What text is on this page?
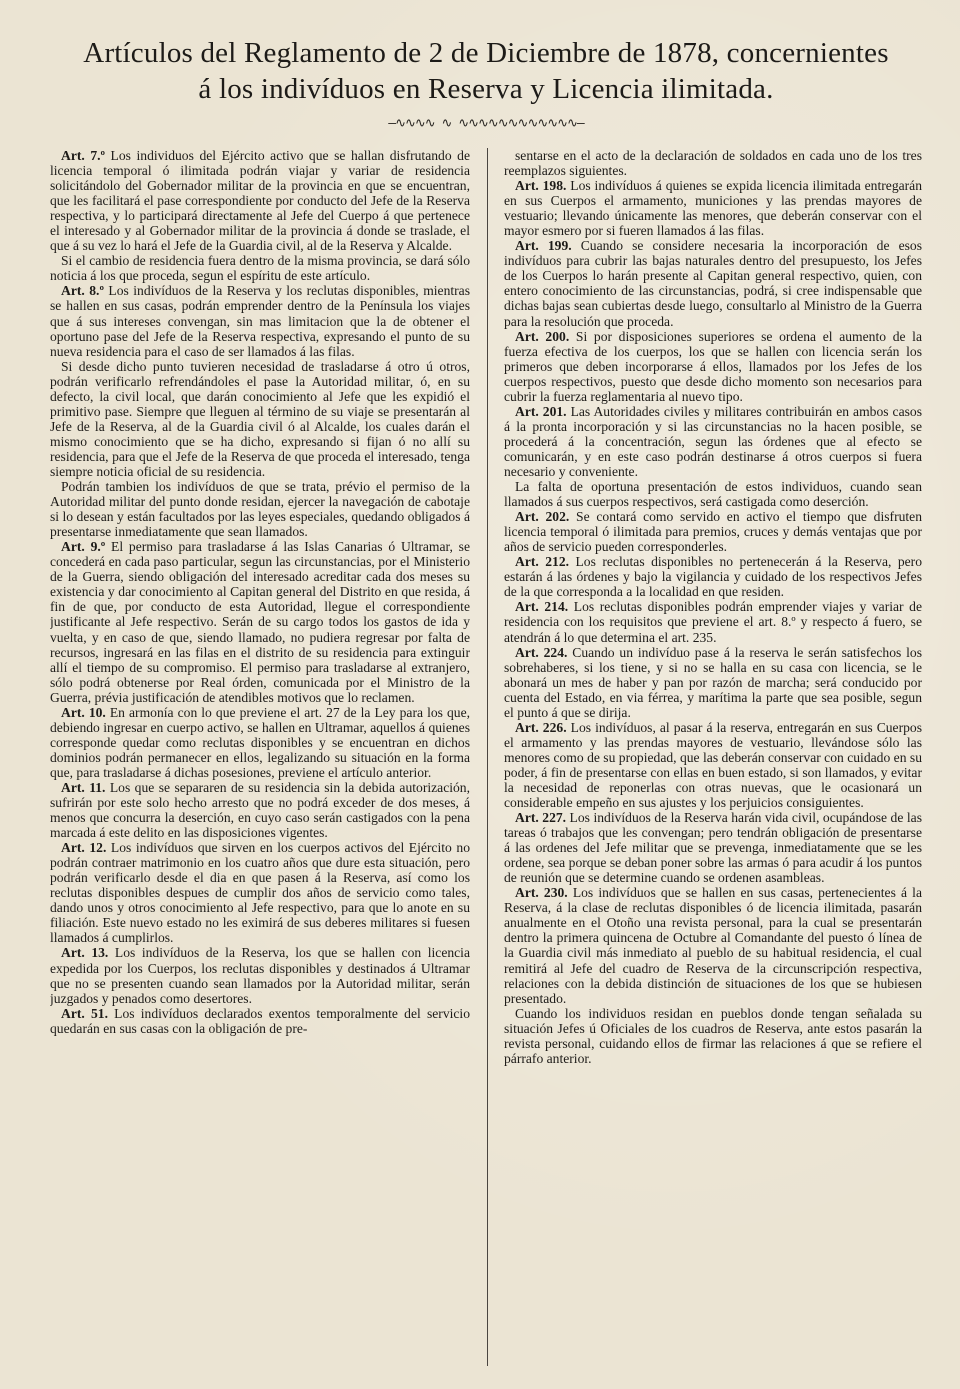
Artículos del Reglamento de 2 de Diciembre de 1878, concernientes
á los indivíduos en Reserva y Licencia ilimitada.
—∿∿∿∿ ∿ ∿∿∿∿∿∿∿∿∿∿∿∿—

Art. 7.º Los individuos del Ejército activo que se hallan disfrutando de licencia temporal ó ilimitada podrán viajar y variar de residencia solicitándolo del Gobernador militar de la provincia en que se encuentran, que les facilitará el pase correspondiente por conducto del Jefe de la Reserva respectiva, y lo participará directamente al Jefe del Cuerpo á que pertenece el interesado y al Gobernador militar de la provincia á donde se traslade, el que á su vez lo hará el Jefe de la Guardia civil, al de la Reserva y Alcalde.

Si el cambio de residencia fuera dentro de la misma provincia, se dará sólo noticia á los que proceda, segun el espíritu de este artículo.

Art. 8.º Los indivíduos de la Reserva y los reclutas disponibles, mientras se hallen en sus casas, podrán emprender dentro de la Península los viajes que á sus intereses convengan, sin mas limitacion que la de obtener el oportuno pase del Jefe de la Reserva respectiva, expresando el punto de su nueva residencia para el caso de ser llamados á las filas.

Si desde dicho punto tuvieren necesidad de trasladarse á otro ú otros, podrán verificarlo refrendándoles el pase la Autoridad militar, ó, en su defecto, la civil local, que darán conocimiento al Jefe que les expidió el primitivo pase. Siempre que lleguen al término de su viaje se presentarán al Jefe de la Reserva, al de la Guardia civil ó al Alcalde, los cuales darán el mismo conocimiento que se ha dicho, expresando si fijan ó no allí su residencia, para que el Jefe de la Reserva de que proceda el interesado, tenga siempre noticia oficial de su residencia.

Podrán tambien los indivíduos de que se trata, prévio el permiso de la Autoridad militar del punto donde residan, ejercer la navegación de cabotaje si lo desean y están facultados por las leyes especiales, quedando obligados á presentarse inmediatamente que sean llamados.

Art. 9.º El permiso para trasladarse á las Islas Canarias ó Ultramar, se concederá en cada paso particular, segun las circunstancias, por el Ministerio de la Guerra, siendo obligación del interesado acreditar cada dos meses su existencia y dar conocimiento al Capitan general del Distrito en que resida, á fin de que, por conducto de esta Autoridad, llegue el correspondiente justificante al Jefe respectivo. Serán de su cargo todos los gastos de ida y vuelta, y en caso de que, siendo llamado, no pudiera regresar por falta de recursos, ingresará en las filas en el distrito de su residencia para extinguir allí el tiempo de su compromiso. El permiso para trasladarse al extranjero, sólo podrá obtenerse por Real órden, comunicada por el Ministro de la Guerra, prévia justificación de atendibles motivos que lo reclamen.

Art. 10. En armonía con lo que previene el art. 27 de la Ley para los que, debiendo ingresar en cuerpo activo, se hallen en Ultramar, aquellos á quienes corresponde quedar como reclutas disponibles y se encuentran en dichos dominios podrán permanecer en ellos, legalizando su situación en la forma que, para trasladarse á dichas posesiones, previene el artículo anterior.

Art. 11. Los que se separaren de su residencia sin la debida autorización, sufrirán por este solo hecho arresto que no podrá exceder de dos meses, á menos que concurra la deserción, en cuyo caso serán castigados con la pena marcada á este delito en las disposiciones vigentes.

Art. 12. Los indivíduos que sirven en los cuerpos activos del Ejército no podrán contraer matrimonio en los cuatro años que dure esta situación, pero podrán verificarlo desde el dia en que pasen á la Reserva, así como los reclutas disponibles despues de cumplir dos años de servicio como tales, dando unos y otros conocimiento al Jefe respectivo, para que lo anote en su filiación. Este nuevo estado no les eximirá de sus deberes militares si fuesen llamados á cumplirlos.

Art. 13. Los indivíduos de la Reserva, los que se hallen con licencia expedida por los Cuerpos, los reclutas disponibles y destinados á Ultramar que no se presenten cuando sean llamados por la Autoridad militar, serán juzgados y penados como desertores.

Art. 51. Los indivíduos declarados exentos temporalmente del servicio quedarán en sus casas con la obligación de pre-

sentarse en el acto de la declaración de soldados en cada uno de los tres reemplazos siguientes.

Art. 198. Los indivíduos á quienes se expida licencia ilimitada entregarán en sus Cuerpos el armamento, municiones y las prendas mayores de vestuario; llevando únicamente las menores, que deberán conservar con el mayor esmero por si fueren llamados á las filas.

Art. 199. Cuando se considere necesaria la incorporación de esos indivíduos para cubrir las bajas naturales dentro del presupuesto, los Jefes de los Cuerpos lo harán presente al Capitan general respectivo, quien, con entero conocimiento de las circunstancias, podrá, si cree indispensable que dichas bajas sean cubiertas desde luego, consultarlo al Ministro de la Guerra para la resolución que proceda.

Art. 200. Si por disposiciones superiores se ordena el aumento de la fuerza efectiva de los cuerpos, los que se hallen con licencia serán los primeros que deben incorporarse á ellos, llamados por los Jefes de los cuerpos respectivos, puesto que desde dicho momento son necesarios para cubrir la fuerza reglamentaria al nuevo tipo.

Art. 201. Las Autoridades civiles y militares contribuirán en ambos casos á la pronta incorporación y si las circunstancias no la hacen posible, se procederá á la concentración, segun las órdenes que al efecto se comunicarán, y en este caso podrán destinarse á otros cuerpos si fuera necesario y conveniente.

La falta de oportuna presentación de estos individuos, cuando sean llamados á sus cuerpos respectivos, será castigada como deserción.

Art. 202. Se contará como servido en activo el tiempo que disfruten licencia temporal ó ilimitada para premios, cruces y demás ventajas que por años de servicio pueden corresponderles.

Art. 212. Los reclutas disponibles no pertenecerán á la Reserva, pero estarán á las órdenes y bajo la vigilancia y cuidado de los respectivos Jefes de la que corresponda a la localidad en que residen.

Art. 214. Los reclutas disponibles podrán emprender viajes y variar de residencia con los requisitos que previene el art. 8.º y respecto á fuero, se atendrán á lo que determina el art. 235.

Art. 224. Cuando un indivíduo pase á la reserva le serán satisfechos los sobrehaberes, si los tiene, y si no se halla en su casa con licencia, se le abonará un mes de haber y pan por razón de marcha; será conducido por cuenta del Estado, en via férrea, y marítima la parte que sea posible, segun el punto á que se dirija.

Art. 226. Los indivíduos, al pasar á la reserva, entregarán en sus Cuerpos el armamento y las prendas mayores de vestuario, llevándose sólo las menores como de su propiedad, que las deberán conservar con cuidado en su poder, á fin de presentarse con ellas en buen estado, si son llamados, y evitar la necesidad de reponerlas con otras nuevas, que le ocasionará un considerable empeño en sus ajustes y los perjuicios consiguientes.

Art. 227. Los indivíduos de la Reserva harán vida civil, ocupándose de las tareas ó trabajos que les convengan; pero tendrán obligación de presentarse á las ordenes del Jefe militar que se prevenga, inmediatamente que se les ordene, sea porque se deban poner sobre las armas ó para acudir á los puntos de reunión que se determine cuando se ordenen asambleas.

Art. 230. Los indivíduos que se hallen en sus casas, pertenecientes á la Reserva, á la clase de reclutas disponibles ó de licencia ilimitada, pasarán anualmente en el Otoño una revista personal, para la cual se presentarán dentro la primera quincena de Octubre al Comandante del puesto ó línea de la Guardia civil más inmediato al pueblo de su habitual residencia, el cual remitirá al Jefe del cuadro de Reserva de la circunscripción respectiva, relaciones con la debida distinción de situaciones de los que se hubiesen presentado.

Cuando los individuos residan en pueblos donde tengan señalada su situación Jefes ú Oficiales de los cuadros de Reserva, ante estos pasarán la revista personal, cuidando ellos de firmar las relaciones á que se refiere el párrafo anterior.
